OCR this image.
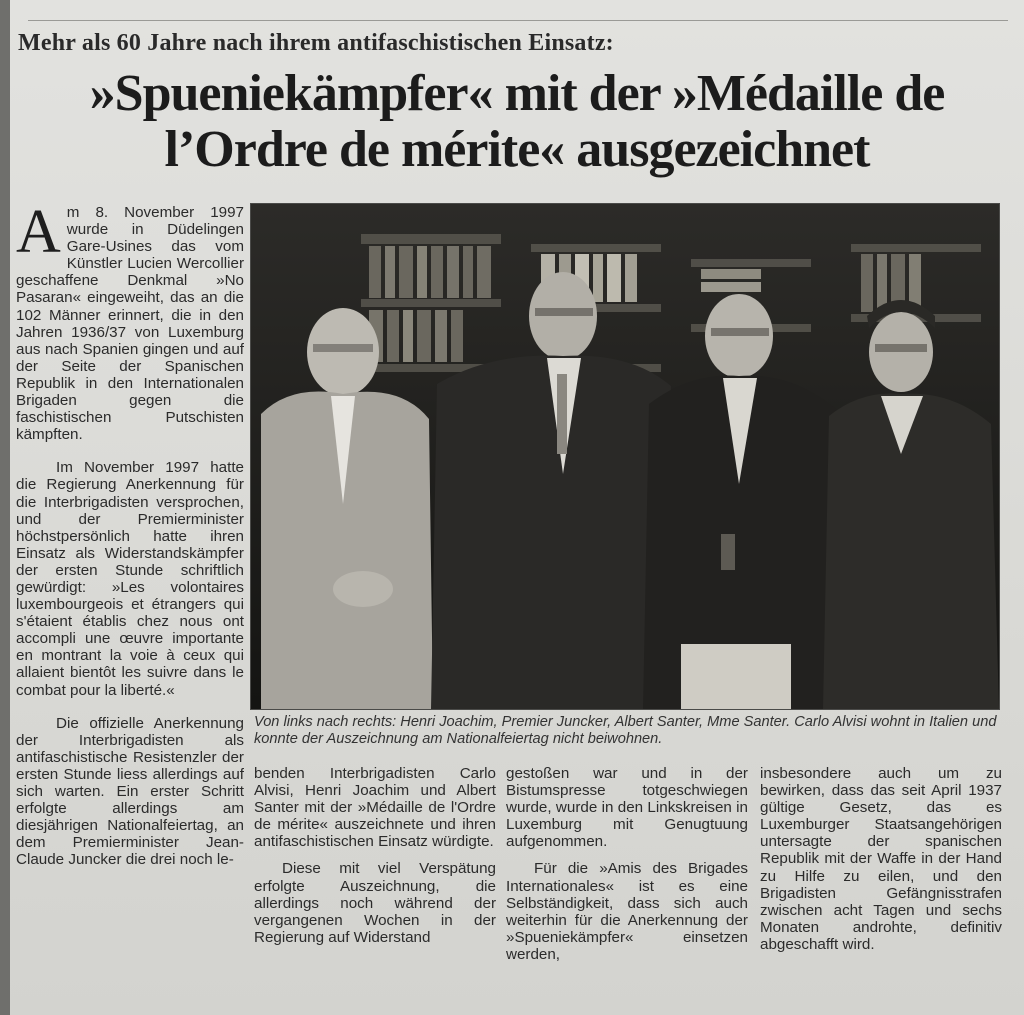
Mehr als 60 Jahre nach ihrem antifaschistischen Einsatz:
»Spueniekämpfer« mit der »Médaille de
l’Ordre de mérite« ausgezeichnet

Am 8. November 1997 wurde in Düdelingen Gare-Usines das vom Künstler Lucien Wercollier geschaffene Denkmal »No Pasaran« eingeweiht, das an die 102 Männer erinnert, die in den Jahren 1936/37 von Luxemburg aus nach Spanien gingen und auf der Seite der Spanischen Republik in den Internationalen Brigaden gegen die faschistischen Putschisten kämpften.

Im November 1997 hatte die Regierung Anerkennung für die Interbrigadisten versprochen, und der Premierminister höchstpersönlich hatte ihren Einsatz als Widerstandskämpfer der ersten Stunde schriftlich gewürdigt: »Les volontaires luxembourgeois et étrangers qui s'étaient établis chez nous ont accompli une œuvre importante en montrant la voie à ceux qui allaient bientôt les suivre dans le combat pour la liberté.«

Die offizielle Anerkennung der Interbrigadisten als antifaschistische Resistenzler der ersten Stunde liess allerdings auf sich warten. Ein erster Schritt erfolgte allerdings am diesjährigen Nationalfeiertag, an dem Premierminister Jean-Claude Juncker die drei noch le-

Von links nach rechts: Henri Joachim, Premier Juncker, Albert Santer, Mme Santer. Carlo Alvisi wohnt in Italien und konnte der Auszeichnung am Nationalfeiertag nicht beiwohnen.

benden Interbrigadisten Carlo Alvisi, Henri Joachim und Albert Santer mit der »Médaille de l'Ordre de mérite« auszeichnete und ihren antifaschistischen Einsatz würdigte.

Diese mit viel Verspätung erfolgte Auszeichnung, die allerdings noch während der vergangenen Wochen in der Regierung auf Widerstand

gestoßen war und in der Bistumspresse totgeschwiegen wurde, wurde in den Linkskreisen in Luxemburg mit Genugtuung aufgenommen.

Für die »Amis des Brigades Internationales« ist es eine Selbständigkeit, dass sich auch weiterhin für die Anerkennung der »Spueniekämpfer« einsetzen werden,

insbesondere auch um zu bewirken, dass das seit April 1937 gültige Gesetz, das es Luxemburger Staatsangehörigen untersagte der spanischen Republik mit der Waffe in der Hand zu Hilfe zu eilen, und den Brigadisten Gefängnisstrafen zwischen acht Tagen und sechs Monaten androhte, definitiv abgeschafft wird.
